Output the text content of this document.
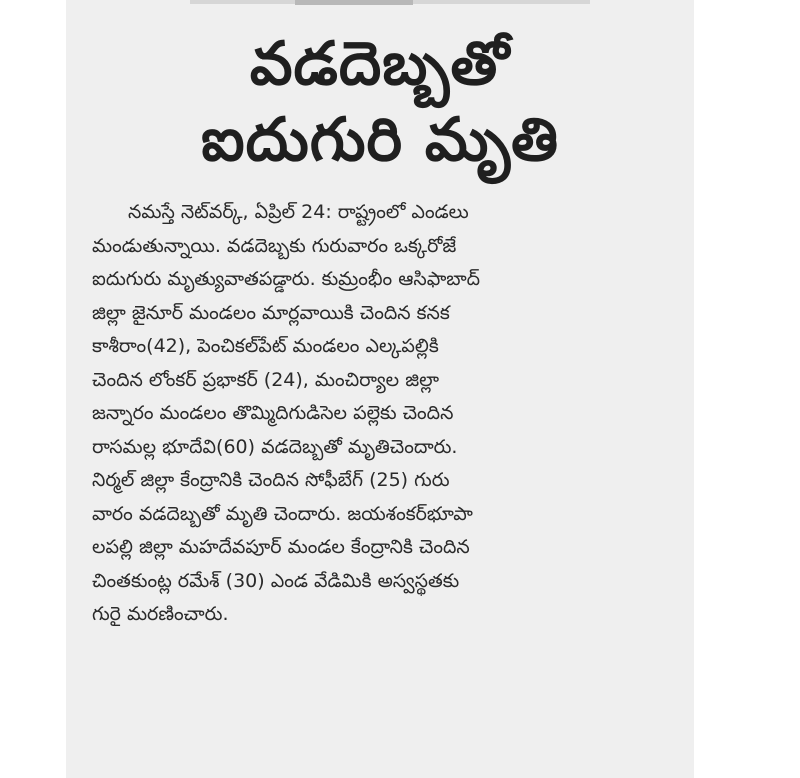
వడదెబ్బతో
ఐదుగురి మృతి
నమస్తే నెట్‌వర్క్, ఏప్రిల్ 24: రాష్ట్రంలో ఎండలు
మండుతున్నాయి. వడదెబ్బకు గురువారం ఒక్కరోజే
ఐదుగురు మృత్యువాతపడ్డారు. కుమ్రంభీం ఆసిఫాబాద్
జిల్లా జైనూర్ మండలం మార్లవాయికి చెందిన కనక
కాశీరాం(42), పెంచికల్‌పేట్ మండలం ఎల్కపల్లికి
చెందిన లోంకర్ ప్రభాకర్ (24), మంచిర్యాల జిల్లా
జన్నారం మండలం తొమ్మిదిగుడిసెల పల్లెకు చెందిన
రాసమల్ల భూదేవి(60) వడదెబ్బతో మృతిచెందారు.
నిర్మల్ జిల్లా కేంద్రానికి చెందిన సోఫీబేగ్ (25) గురు
వారం వడదెబ్బతో మృతి చెందారు. జయశంకర్‌భూపా
లపల్లి జిల్లా మహదేవపూర్ మండల కేంద్రానికి చెందిన
చింతకుంట్ల రమేశ్ (30) ఎండ వేడిమికి అస్వస్థతకు
గురై మరణించారు.
